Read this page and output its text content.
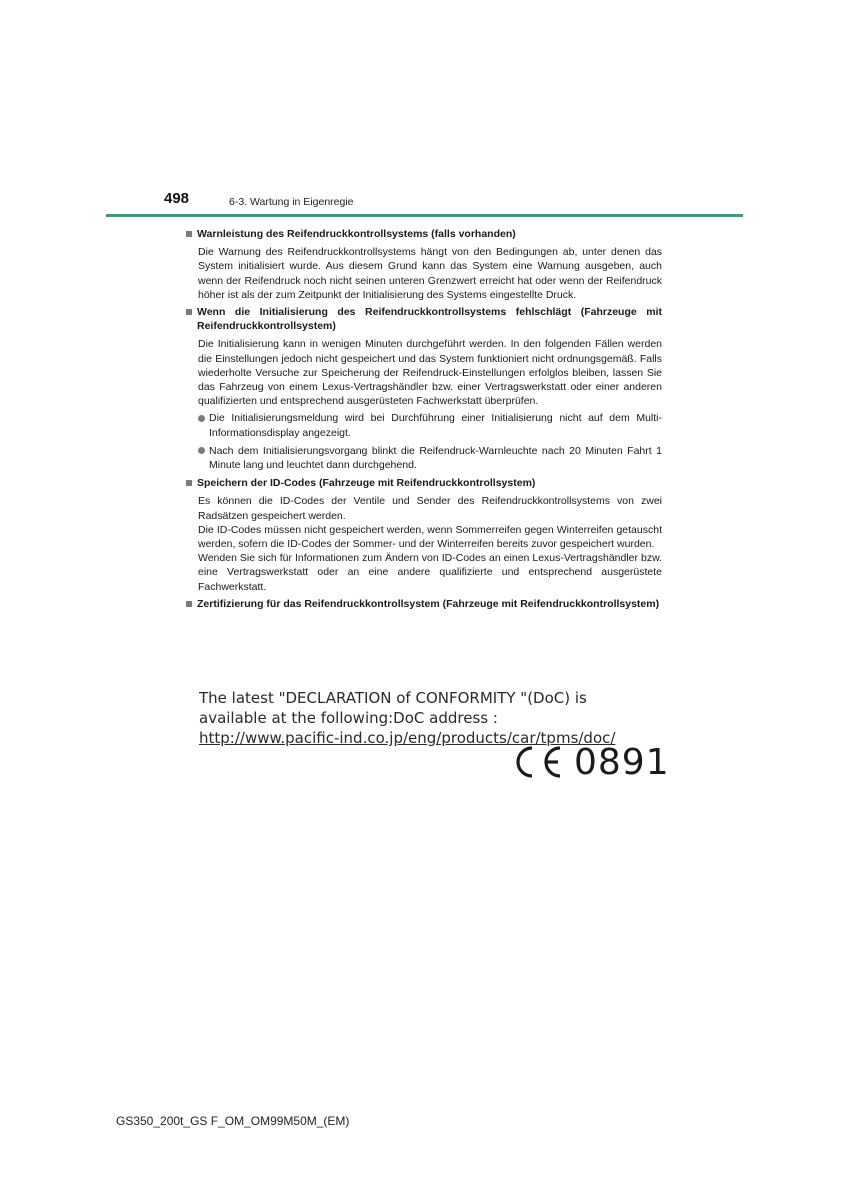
498	6-3. Wartung in Eigenregie
Warnleistung des Reifendruckkontrollsystems (falls vorhanden)

Die Warnung des Reifendruckkontrollsystems hängt von den Bedingungen ab, unter denen das System initialisiert wurde. Aus diesem Grund kann das System eine Warnung ausgeben, auch wenn der Reifendruck noch nicht seinen unteren Grenzwert erreicht hat oder wenn der Reifendruck höher ist als der zum Zeitpunkt der Initialisierung des Systems eingestellte Druck.

Wenn die Initialisierung des Reifendruckkontrollsystems fehlschlägt (Fahrzeuge mit Reifendruckkontrollsystem)

Die Initialisierung kann in wenigen Minuten durchgeführt werden. In den folgenden Fällen werden die Einstellungen jedoch nicht gespeichert und das System funktioniert nicht ordnungsgemäß. Falls wiederholte Versuche zur Speicherung der Reifendruck-Einstellungen erfolglos bleiben, lassen Sie das Fahrzeug von einem Lexus-Vertragshändler bzw. einer Vertragswerkstatt oder einer anderen qualifizierten und entsprechend ausgerüsteten Fachwerkstatt überprüfen.

Die Initialisierungsmeldung wird bei Durchführung einer Initialisierung nicht auf dem Multi-Informationsdisplay angezeigt.
Nach dem Initialisierungsvorgang blinkt die Reifendruck-Warnleuchte nach 20 Minuten Fahrt 1 Minute lang und leuchtet dann durchgehend.
Speichern der ID-Codes (Fahrzeuge mit Reifendruckkontrollsystem)

Es können die ID-Codes der Ventile und Sender des Reifendruckkontrollsystems von zwei Radsätzen gespeichert werden.

Die ID-Codes müssen nicht gespeichert werden, wenn Sommerreifen gegen Winterreifen getauscht werden, sofern die ID-Codes der Sommer- und der Winterreifen bereits zuvor gespeichert wurden.

Wenden Sie sich für Informationen zum Ändern von ID-Codes an einen Lexus-Vertragshändler bzw. eine Vertragswerkstatt oder an eine andere qualifizierte und entsprechend ausgerüstete Fachwerkstatt.

Zertifizierung für das Reifendruckkontrollsystem (Fahrzeuge mit Reifendruckkontrollsystem)
The latest "DECLARATION of CONFORMITY "(DoC) is
available at the following:DoC address :
http://www.pacific-ind.co.jp/eng/products/car/tpms/doc/
0891
GS350_200t_GS F_OM_OM99M50M_(EM)
